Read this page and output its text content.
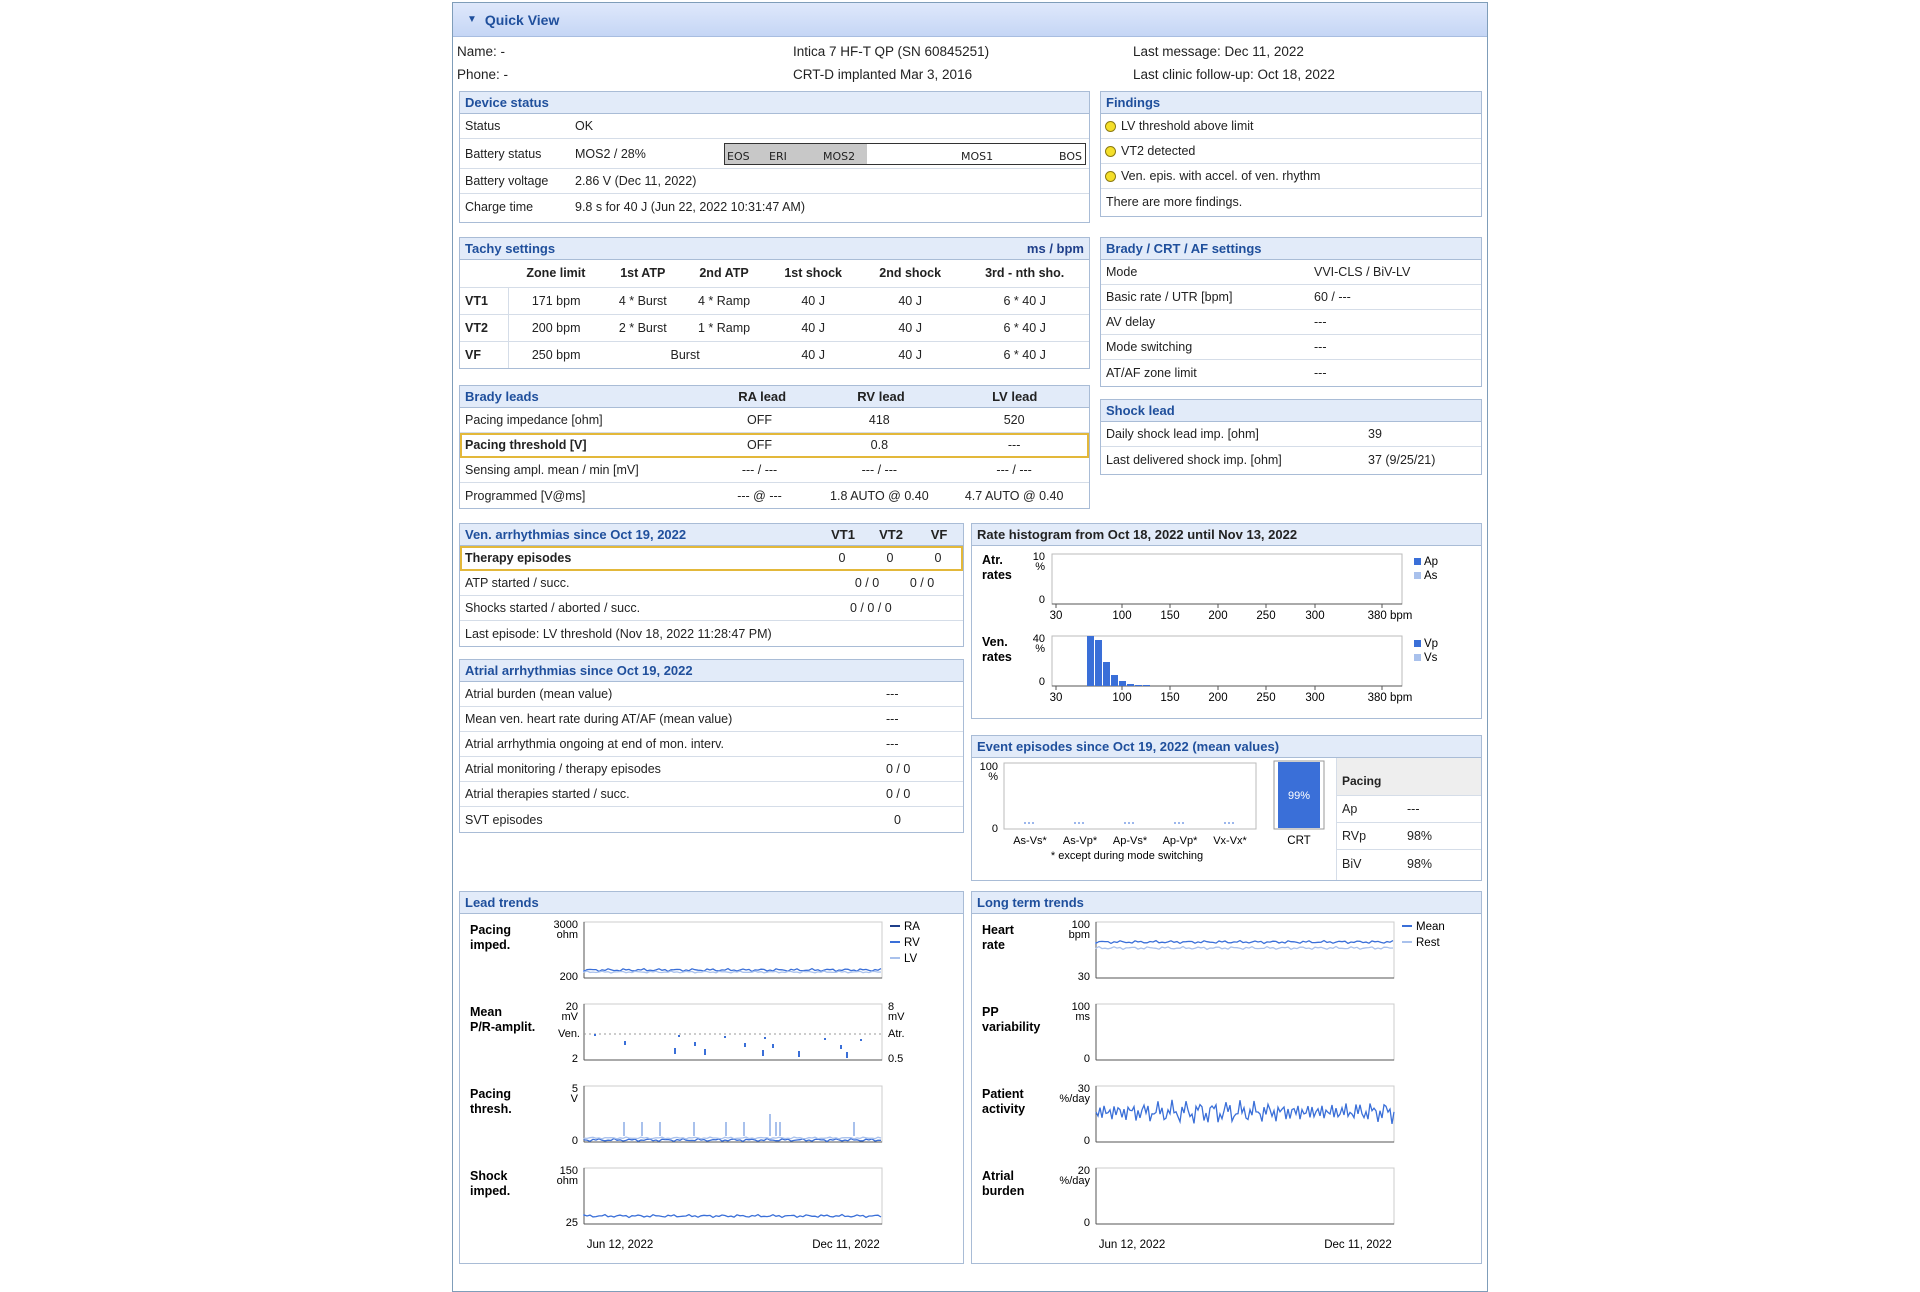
▼ Quick View
Name: -
Phone: -
Intica 7 HF-T QP (SN 60845251)
CRT-D implanted Mar 3, 2016
Last message: Dec 11, 2022
Last clinic follow-up: Oct 18, 2022
Device status
Status	OK
Battery status	MOS2 / 28%	EOS ERI	MOS2	MOS1	BOS
Battery voltage	2.86 V (Dec 11, 2022)
Charge time	9.8 s for 40 J (Jun 22, 2022 10:31:47 AM)
Findings
LV threshold above limit
VT2 detected
Ven. epis. with accel. of ven. rhythm
There are more findings.
Tachy settings	ms / bpm
	Zone limit	1st ATP	2nd ATP	1st shock	2nd shock	3rd - nth sho.
VT1	171 bpm	4 * Burst	4 * Ramp	40 J	40 J	6 * 40 J
VT2	200 bpm	2 * Burst	1 * Ramp	40 J	40 J	6 * 40 J
VF	250 bpm	Burst		40 J	40 J	6 * 40 J
Brady / CRT / AF settings
Mode	VVI-CLS / BiV-LV
Basic rate / UTR [bpm]	60 / ---
AV delay	---
Mode switching	---
AT/AF zone limit	---
Brady leads	RA lead	RV lead	LV lead
Pacing impedance [ohm]	OFF	418	520
Pacing threshold [V]	OFF	0.8	---
Sensing ampl. mean / min [mV]	--- / ---	--- / ---	--- / ---
Programmed [V@ms]	--- @ ---	1.8 AUTO @ 0.40	4.7 AUTO @ 0.40
Shock lead
Daily shock lead imp. [ohm]	39
Last delivered shock imp. [ohm]	37 (9/25/21)
Ven. arrhythmias since Oct 19, 2022	VT1	VT2	VF
Therapy episodes	0	0	0
ATP started / succ.	0 / 0	0 / 0
Shocks started / aborted / succ.	0 / 0 / 0
Last episode: LV threshold (Nov 18, 2022 11:28:47 PM)
Atrial arrhythmias since Oct 19, 2022
Atrial burden (mean value)	---
Mean ven. heart rate during AT/AF (mean value)	---
Atrial arrhythmia ongoing at end of mon. interv.	---
Atrial monitoring / therapy episodes	0 / 0
Atrial therapies started / succ.	0 / 0
SVT episodes	0
Rate histogram from Oct 18, 2022 until Nov 13, 2022
Atr.
rates
10
%
0
30	100	150	200	250	300	380 bpm
Ap
As
Ven.
rates
40
%
0
30	100	150	200	250	300	380 bpm
Vp
Vs
Event episodes since Oct 19, 2022 (mean values)
100
%
0
As-Vs* As-Vp* Ap-Vs* Ap-Vp* Vx-Vx*
* except during mode switching
99%
CRT
Pacing
Ap	---
RVp	98%
BiV	98%
Lead trends
Pacing
imped.
3000
ohm
200
Mean
P/R-amplit.
20
mV
2
8
mV
Atr.
0.5
Ven.
Pacing
thresh.
5
V
0
Shock
imped.
150
ohm
25
RA
RV
LV
Jun 12, 2022	Dec 11, 2022
Long term trends
Heart
rate
100
bpm
30
PP
variability
100
ms
0
Patient
activity
30
%/day
0
Atrial
burden
20
%/day
0
Mean
Rest
Jun 12, 2022	Dec 11, 2022
